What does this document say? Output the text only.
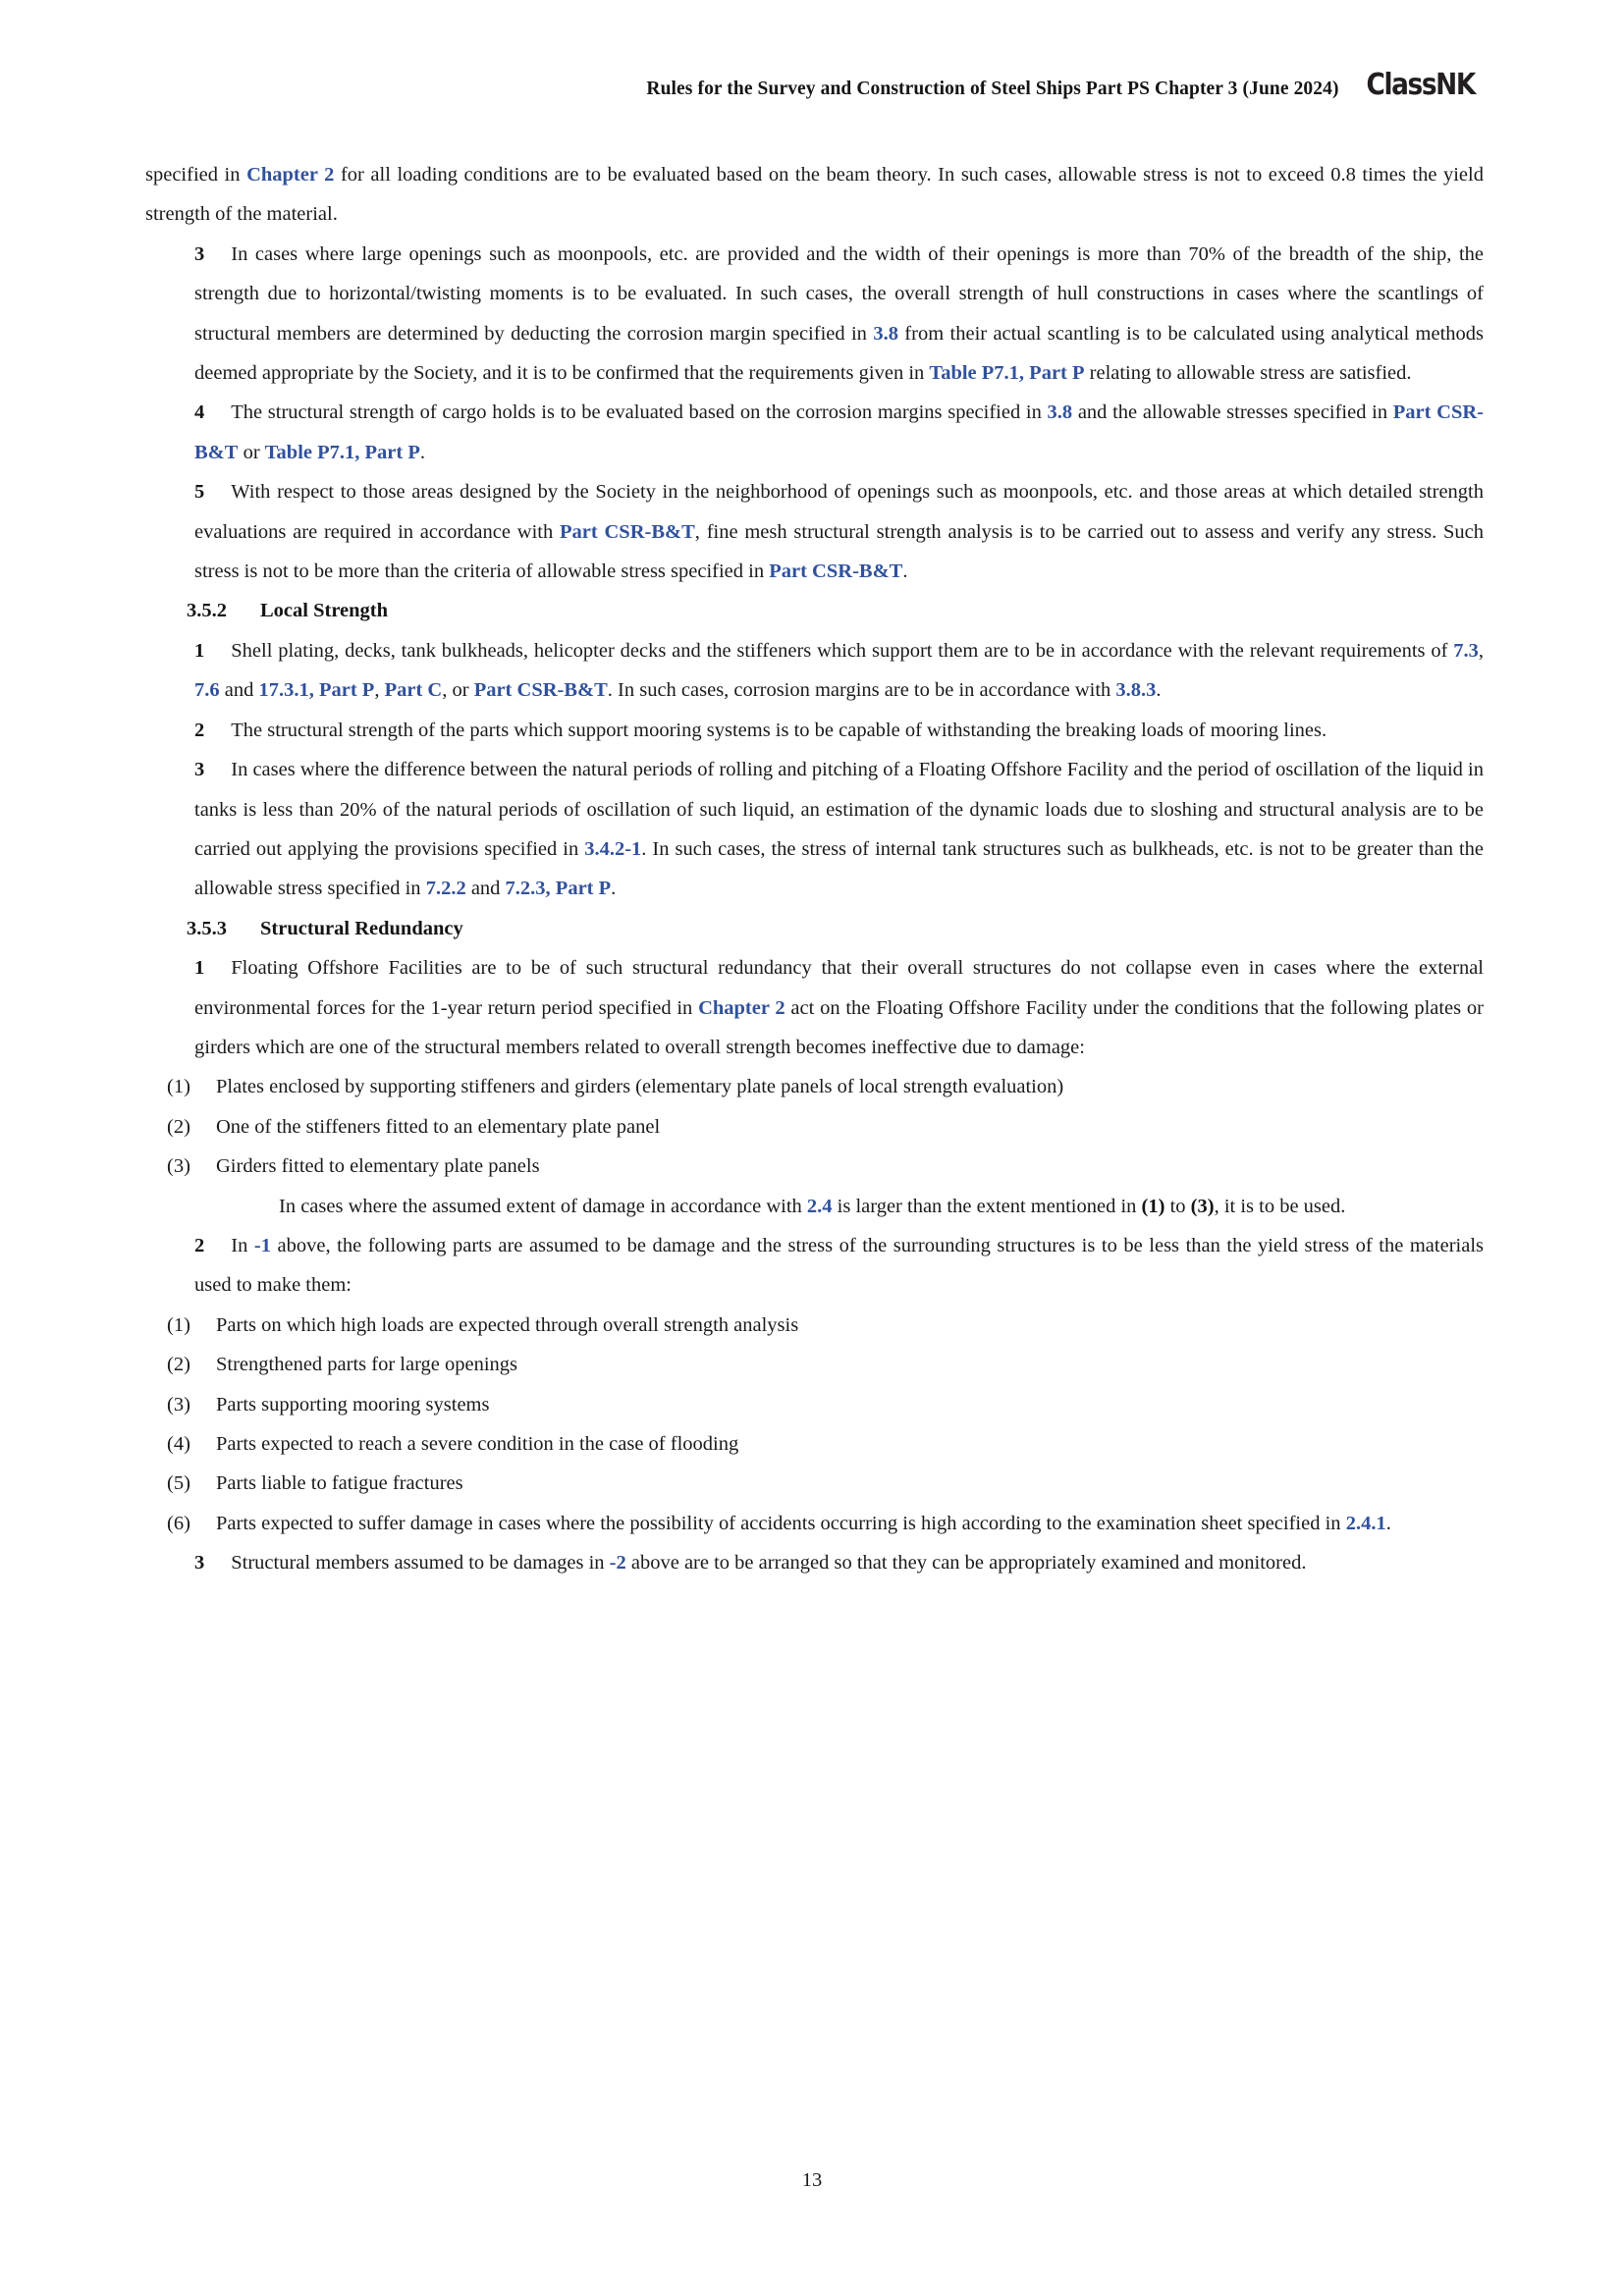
Rules for the Survey and Construction of Steel Ships Part PS Chapter 3 (June 2024) ClassNK

specified in Chapter 2 for all loading conditions are to be evaluated based on the beam theory. In such cases, allowable stress is not to exceed 0.8 times the yield strength of the material.

3 In cases where large openings such as moonpools, etc. are provided and the width of their openings is more than 70% of the breadth of the ship, the strength due to horizontal/twisting moments is to be evaluated. In such cases, the overall strength of hull constructions in cases where the scantlings of structural members are determined by deducting the corrosion margin specified in 3.8 from their actual scantling is to be calculated using analytical methods deemed appropriate by the Society, and it is to be confirmed that the requirements given in Table P7.1, Part P relating to allowable stress are satisfied.

4 The structural strength of cargo holds is to be evaluated based on the corrosion margins specified in 3.8 and the allowable stresses specified in Part CSR-B&T or Table P7.1, Part P.

5 With respect to those areas designed by the Society in the neighborhood of openings such as moonpools, etc. and those areas at which detailed strength evaluations are required in accordance with Part CSR-B&T, fine mesh structural strength analysis is to be carried out to assess and verify any stress. Such stress is not to be more than the criteria of allowable stress specified in Part CSR-B&T.

3.5.2	Local Strength

1 Shell plating, decks, tank bulkheads, helicopter decks and the stiffeners which support them are to be in accordance with the relevant requirements of 7.3, 7.6 and 17.3.1, Part P, Part C, or Part CSR-B&T. In such cases, corrosion margins are to be in accordance with 3.8.3.

2 The structural strength of the parts which support mooring systems is to be capable of withstanding the breaking loads of mooring lines.

3 In cases where the difference between the natural periods of rolling and pitching of a Floating Offshore Facility and the period of oscillation of the liquid in tanks is less than 20% of the natural periods of oscillation of such liquid, an estimation of the dynamic loads due to sloshing and structural analysis are to be carried out applying the provisions specified in 3.4.2-1. In such cases, the stress of internal tank structures such as bulkheads, etc. is not to be greater than the allowable stress specified in 7.2.2 and 7.2.3, Part P.

3.5.3	Structural Redundancy

1 Floating Offshore Facilities are to be of such structural redundancy that their overall structures do not collapse even in cases where the external environmental forces for the 1-year return period specified in Chapter 2 act on the Floating Offshore Facility under the conditions that the following plates or girders which are one of the structural members related to overall strength becomes ineffective due to damage:

(1)	Plates enclosed by supporting stiffeners and girders (elementary plate panels of local strength evaluation)
(2)	One of the stiffeners fitted to an elementary plate panel
(3)	Girders fitted to elementary plate panels

In cases where the assumed extent of damage in accordance with 2.4 is larger than the extent mentioned in (1) to (3), it is to be used.

2 In -1 above, the following parts are assumed to be damage and the stress of the surrounding structures is to be less than the yield stress of the materials used to make them:

(1)	Parts on which high loads are expected through overall strength analysis
(2)	Strengthened parts for large openings
(3)	Parts supporting mooring systems
(4)	Parts expected to reach a severe condition in the case of flooding
(5)	Parts liable to fatigue fractures
(6)	Parts expected to suffer damage in cases where the possibility of accidents occurring is high according to the examination sheet specified in 2.4.1.

3 Structural members assumed to be damages in -2 above are to be arranged so that they can be appropriately examined and monitored.

13
